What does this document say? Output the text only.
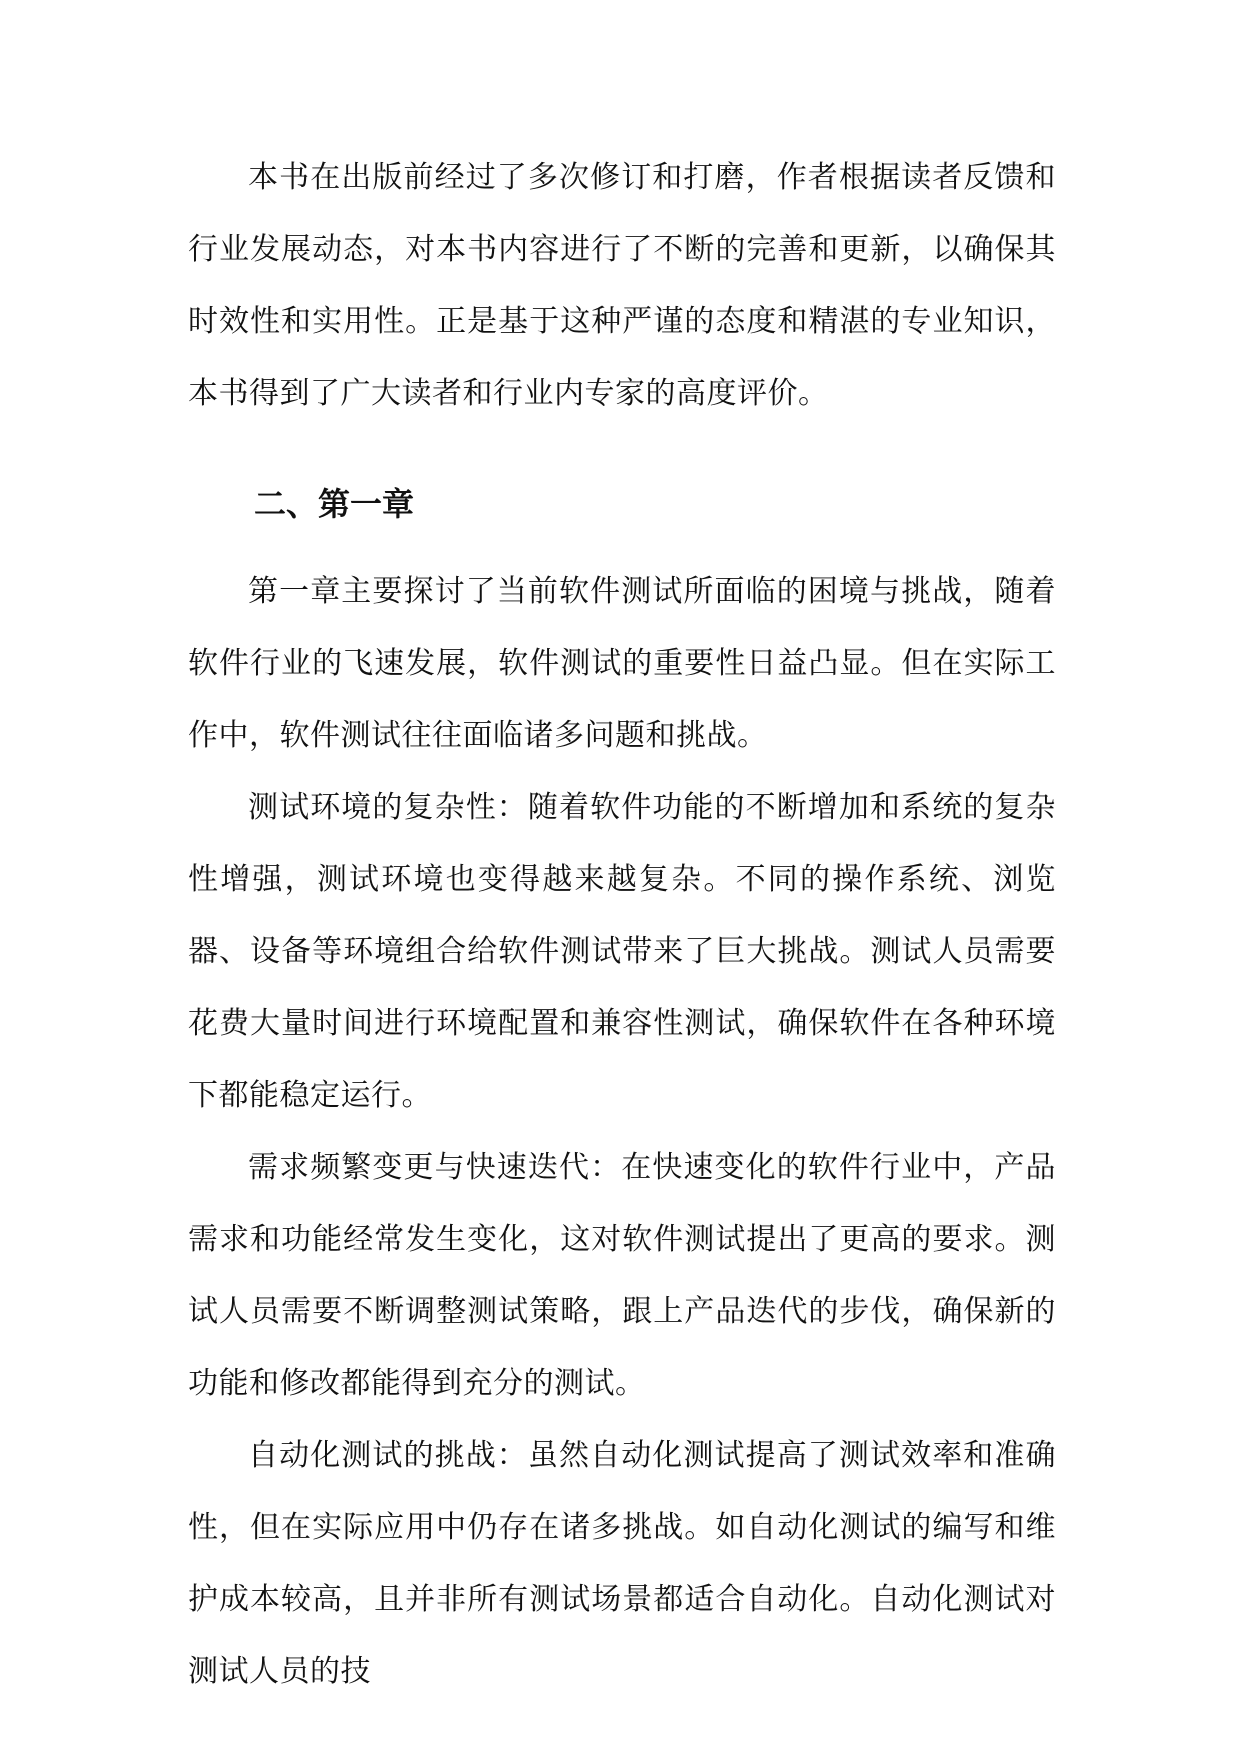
本书在出版前经过了多次修订和打磨，作者根据读者反馈和行业发展动态，对本书内容进行了不断的完善和更新，以确保其时效性和实用性。正是基于这种严谨的态度和精湛的专业知识，本书得到了广大读者和行业内专家的高度评价。

二、第一章

第一章主要探讨了当前软件测试所面临的困境与挑战，随着软件行业的飞速发展，软件测试的重要性日益凸显。但在实际工作中，软件测试往往面临诸多问题和挑战。

测试环境的复杂性：随着软件功能的不断增加和系统的复杂性增强，测试环境也变得越来越复杂。不同的操作系统、浏览器、设备等环境组合给软件测试带来了巨大挑战。测试人员需要花费大量时间进行环境配置和兼容性测试，确保软件在各种环境下都能稳定运行。

需求频繁变更与快速迭代：在快速变化的软件行业中，产品需求和功能经常发生变化，这对软件测试提出了更高的要求。测试人员需要不断调整测试策略，跟上产品迭代的步伐，确保新的功能和修改都能得到充分的测试。

自动化测试的挑战：虽然自动化测试提高了测试效率和准确性，但在实际应用中仍存在诸多挑战。如自动化测试的编写和维护成本较高，且并非所有测试场景都适合自动化。自动化测试对测试人员的技
